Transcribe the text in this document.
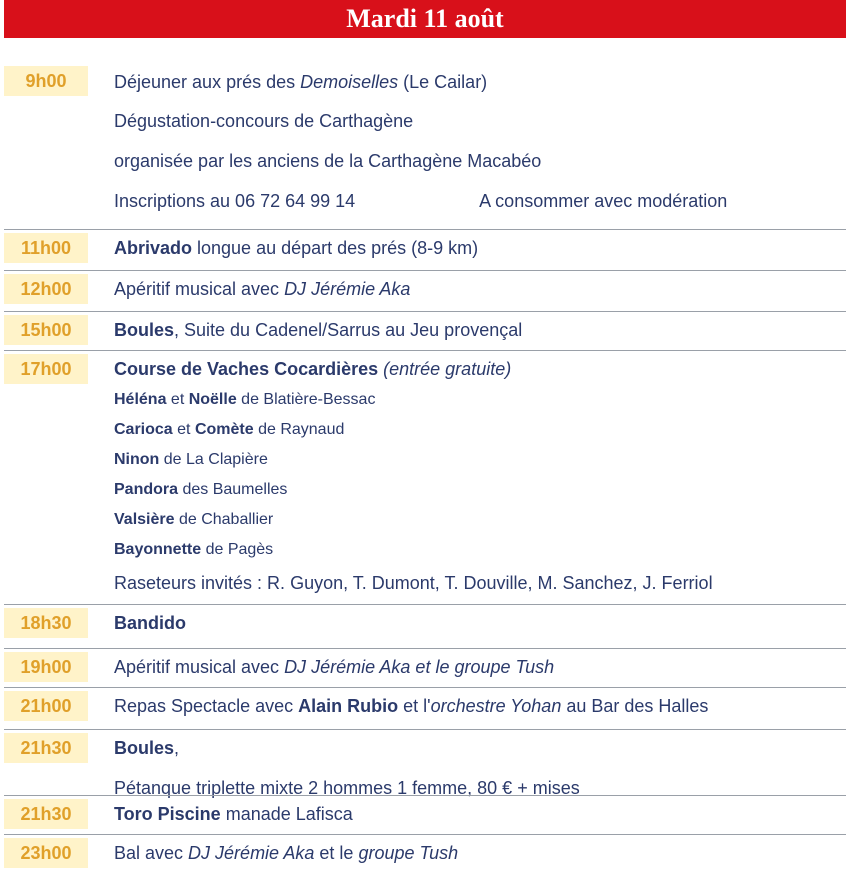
Mardi 11 août
9h00	Déjeuner aux prés des Demoiselles (Le Cailar)
Dégustation-concours de Carthagène
organisée par les anciens de la Carthagène Macabéo
Inscriptions au 06 72 64 99 14	A consommer avec modération
11h00	Abrivado longue au départ des prés (8-9 km)
12h00	Apéritif musical avec DJ Jérémie Aka
15h00	Boules, Suite du Cadenel/Sarrus au Jeu provençal
17h00	Course de Vaches Cocardières (entrée gratuite)
Héléna et Noëlle de Blatière-Bessac
Carioca et Comète de Raynaud
Ninon de La Clapière
Pandora des Baumelles
Valsière de Chaballier
Bayonnette de Pagès
Raseteurs invités : R. Guyon, T. Dumont, T. Douville, M. Sanchez, J. Ferriol
18h30	Bandido
19h00	Apéritif musical avec DJ Jérémie Aka et le groupe Tush
21h00	Repas Spectacle avec Alain Rubio et l'orchestre Yohan au Bar des Halles
21h30	Boules,
Pétanque triplette mixte 2 hommes 1 femme, 80 € + mises
21h30	Toro Piscine manade Lafisca
23h00	Bal avec DJ Jérémie Aka et le groupe Tush
